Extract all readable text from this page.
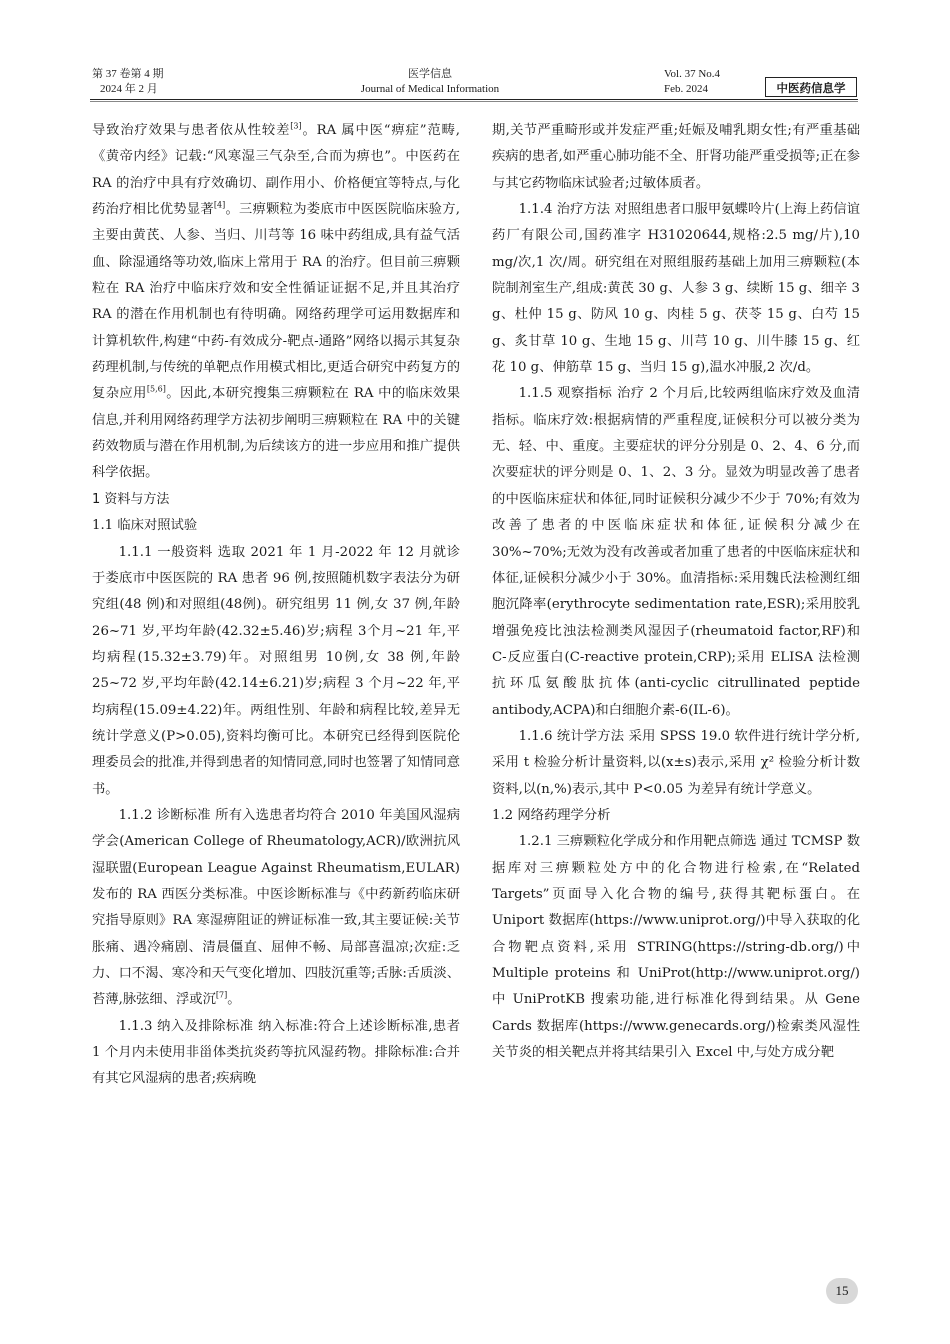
第 37 卷第 4 期
2024 年 2 月
医学信息
Journal of Medical Information
Vol. 37 No.4
Feb. 2024	中医药信息学

导致治疗效果与患者依从性较差[3]。RA 属中医“痹症”范畴,《黄帝内经》记载:“风寒湿三气杂至,合而为痹也”。中医药在 RA 的治疗中具有疗效确切、副作用小、价格便宜等特点,与化药治疗相比优势显著[4]。三痹颗粒为娄底市中医医院临床验方,主要由黄芪、人参、当归、川芎等 16 味中药组成,具有益气活血、除湿通络等功效,临床上常用于 RA 的治疗。但目前三痹颗粒在 RA 治疗中临床疗效和安全性循证证据不足,并且其治疗 RA 的潜在作用机制也有待明确。网络药理学可运用数据库和计算机软件,构建“中药-有效成分-靶点-通路”网络以揭示其复杂药理机制,与传统的单靶点作用模式相比,更适合研究中药复方的复杂应用[5,6]。因此,本研究搜集三痹颗粒在 RA 中的临床效果信息,并利用网络药理学方法初步阐明三痹颗粒在 RA 中的关键药效物质与潜在作用机制,为后续该方的进一步应用和推广提供科学依据。

1 资料与方法

1.1 临床对照试验

1.1.1 一般资料 选取 2021 年 1 月-2022 年 12 月就诊于娄底市中医医院的 RA 患者 96 例,按照随机数字表法分为研究组(48 例)和对照组(48例)。研究组男 11 例,女 37 例,年龄 26~71 岁,平均年龄(42.32±5.46)岁;病程 3个月~21 年,平均病程(15.32±3.79)年。对照组男 10例,女 38 例,年龄 25~72 岁,平均年龄(42.14±6.21)岁;病程 3 个月~22 年,平均病程(15.09±4.22)年。两组性别、年龄和病程比较,差异无统计学意义(P>0.05),资料均衡可比。本研究已经得到医院伦理委员会的批准,并得到患者的知情同意,同时也签署了知情同意书。

1.1.2 诊断标准 所有入选患者均符合 2010 年美国风湿病学会(American College of Rheumatology,ACR)/欧洲抗风湿联盟(European League Against Rheumatism,EULAR)发布的 RA 西医分类标准。中医诊断标准与《中药新药临床研究指导原则》RA 寒湿痹阻证的辨证标准一致,其主要证候:关节胀痛、遇冷痛剧、清晨僵直、屈伸不畅、局部喜温凉;次症:乏力、口不渴、寒冷和天气变化增加、四肢沉重等;舌脉:舌质淡、苔薄,脉弦细、浮或沉[7]。

1.1.3 纳入及排除标准 纳入标准:符合上述诊断标准,患者 1 个月内未使用非甾体类抗炎药等抗风湿药物。排除标准:合并有其它风湿病的患者;疾病晚

期,关节严重畸形或并发症严重;妊娠及哺乳期女性;有严重基础疾病的患者,如严重心肺功能不全、肝肾功能严重受损等;正在参与其它药物临床试验者;过敏体质者。

1.1.4 治疗方法 对照组患者口服甲氨蝶呤片(上海上药信谊药厂有限公司,国药准字 H31020644,规格:2.5 mg/片),10 mg/次,1 次/周。研究组在对照组服药基础上加用三痹颗粒(本院制剂室生产,组成:黄芪 30 g、人参 3 g、续断 15 g、细辛 3 g、杜仲 15 g、防风 10 g、肉桂 5 g、茯苓 15 g、白芍 15 g、炙甘草 10 g、生地 15 g、川芎 10 g、川牛膝 15 g、红花 10 g、伸筋草 15 g、当归 15 g),温水冲服,2 次/d。

1.1.5 观察指标 治疗 2 个月后,比较两组临床疗效及血清指标。临床疗效:根据病情的严重程度,证候积分可以被分类为无、轻、中、重度。主要症状的评分分别是 0、2、4、6 分,而次要症状的评分则是 0、1、2、3 分。显效为明显改善了患者的中医临床症状和体征,同时证候积分减少不少于 70%;有效为改善了患者的中医临床症状和体征,证候积分减少在 30%~70%;无效为没有改善或者加重了患者的中医临床症状和体征,证候积分减少小于 30%。血清指标:采用魏氏法检测红细胞沉降率(erythrocyte sedimentation rate,ESR);采用胶乳增强免疫比浊法检测类风湿因子(rheumatoid factor,RF)和 C-反应蛋白(C-reactive protein,CRP);采用 ELISA 法检测抗环瓜氨酸肽抗体(anti-cyclic citrullinated peptide antibody,ACPA)和白细胞介素-6(IL-6)。

1.1.6 统计学方法 采用 SPSS 19.0 软件进行统计学分析,采用 t 检验分析计量资料,以(x±s)表示,采用 χ² 检验分析计数资料,以(n,%)表示,其中 P<0.05 为差异有统计学意义。

1.2 网络药理学分析

1.2.1 三痹颗粒化学成分和作用靶点筛选 通过 TCMSP 数据库对三痹颗粒处方中的化合物进行检索,在“Related Targets”页面导入化合物的编号,获得其靶标蛋白。在 Uniport 数据库(https://www.uniprot.org/)中导入获取的化合物靶点资料,采用 STRING(https://string-db.org/)中 Multiple proteins 和 UniProt(http://www.uniprot.org/)中 UniProtKB 搜索功能,进行标准化得到结果。从 Gene Cards 数据库(https://www.genecards.org/)检索类风湿性关节炎的相关靶点并将其结果引入 Excel 中,与处方成分靶

15
